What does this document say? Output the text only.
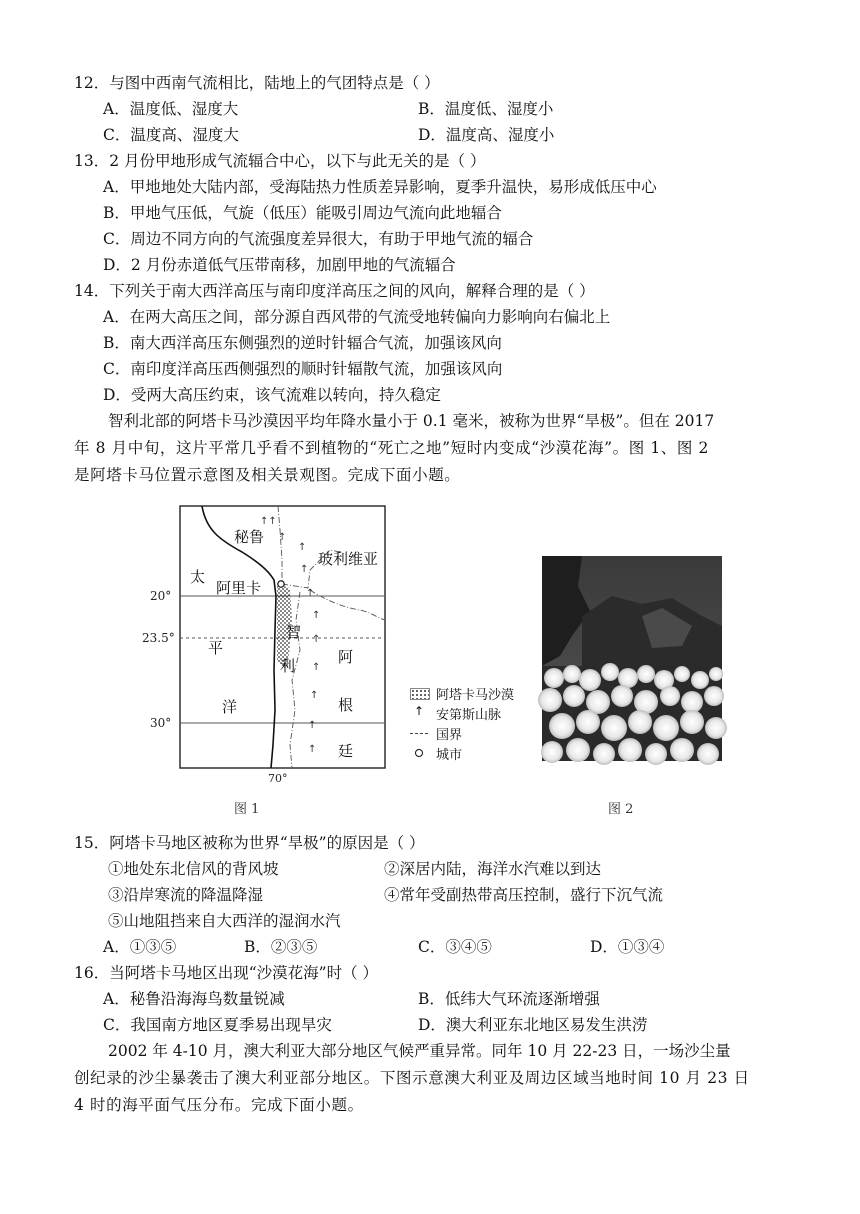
12．与图中西南气流相比，陆地上的气团特点是（ ）
A．温度低、湿度大	B．温度低、湿度小
C．温度高、湿度大	D．温度高、湿度小
13．2 月份甲地形成气流辐合中心，以下与此无关的是（ ）
A．甲地地处大陆内部，受海陆热力性质差异影响，夏季升温快，易形成低压中心
B．甲地气压低，气旋（低压）能吸引周边气流向此地辐合
C．周边不同方向的气流强度差异很大，有助于甲地气流的辐合
D．2 月份赤道低气压带南移，加剧甲地的气流辐合
14．下列关于南大西洋高压与南印度洋高压之间的风向，解释合理的是（ ）
A．在两大高压之间，部分源自西风带的气流受地转偏向力影响向右偏北上
B．南大西洋高压东侧强烈的逆时针辐合气流，加强该风向
C．南印度洋高压西侧强烈的顺时针辐散气流，加强该风向
D．受两大高压约束，该气流难以转向，持久稳定
智利北部的阿塔卡马沙漠因平均年降水量小于 0.1 毫米，被称为世界“旱极”。但在 2017
年 8 月中旬，这片平常几乎看不到植物的“死亡之地”短时内变成“沙漠花海”。图 1、图 2
是阿塔卡马位置示意图及相关景观图。完成下面小题。
↑↑
↑
↑
↑
↑
↑
↑
↑
↑
↑
↑
秘鲁
玻利维亚
太
阿里卡
平
洋
智
利	阿
根
廷
20°
23.5°
30°
70°
阿塔卡马沙漠
↑ 安第斯山脉
国界
城市
图 1	图 2
15．阿塔卡马地区被称为世界“旱极”的原因是（ ）
①地处东北信风的背风坡	②深居内陆，海洋水汽难以到达
③沿岸寒流的降温降湿	④常年受副热带高压控制，盛行下沉气流
⑤山地阻挡来自大西洋的湿润水汽
A．①③⑤	B．②③⑤	C．③④⑤	D．①③④
16．当阿塔卡马地区出现“沙漠花海”时（ ）
A．秘鲁沿海海鸟数量锐减	B．低纬大气环流逐渐增强
C．我国南方地区夏季易出现旱灾	D．澳大利亚东北地区易发生洪涝
2002 年 4-10 月，澳大利亚大部分地区气候严重异常。同年 10 月 22-23 日，一场沙尘量
创纪录的沙尘暴袭击了澳大利亚部分地区。下图示意澳大利亚及周边区域当地时间 10 月 23 日
4 时的海平面气压分布。完成下面小题。
